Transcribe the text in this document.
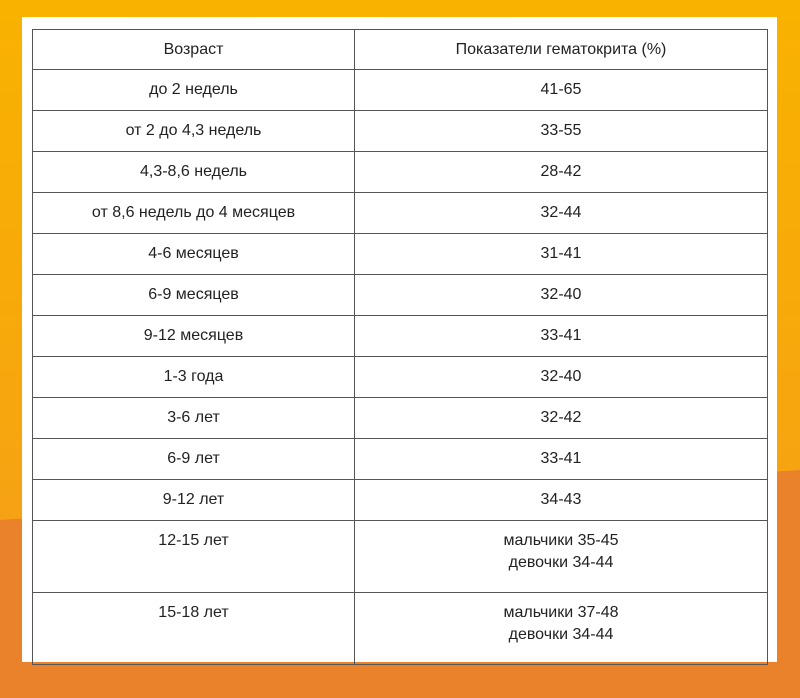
Возраст	Показатели гематокрита (%)
до 2 недель	41-65
от 2 до 4,3 недель	33-55
4,3-8,6 недель	28-42
от 8,6 недель до 4 месяцев	32-44
4-6 месяцев	31-41
6-9 месяцев	32-40
9-12 месяцев	33-41
1-3 года	32-40
3-6 лет	32-42
6-9 лет	33-41
9-12 лет	34-43
12-15 лет	мальчики 35-45
девочки 34-44

15-18 лет	мальчики 37-48
девочки 34-44
